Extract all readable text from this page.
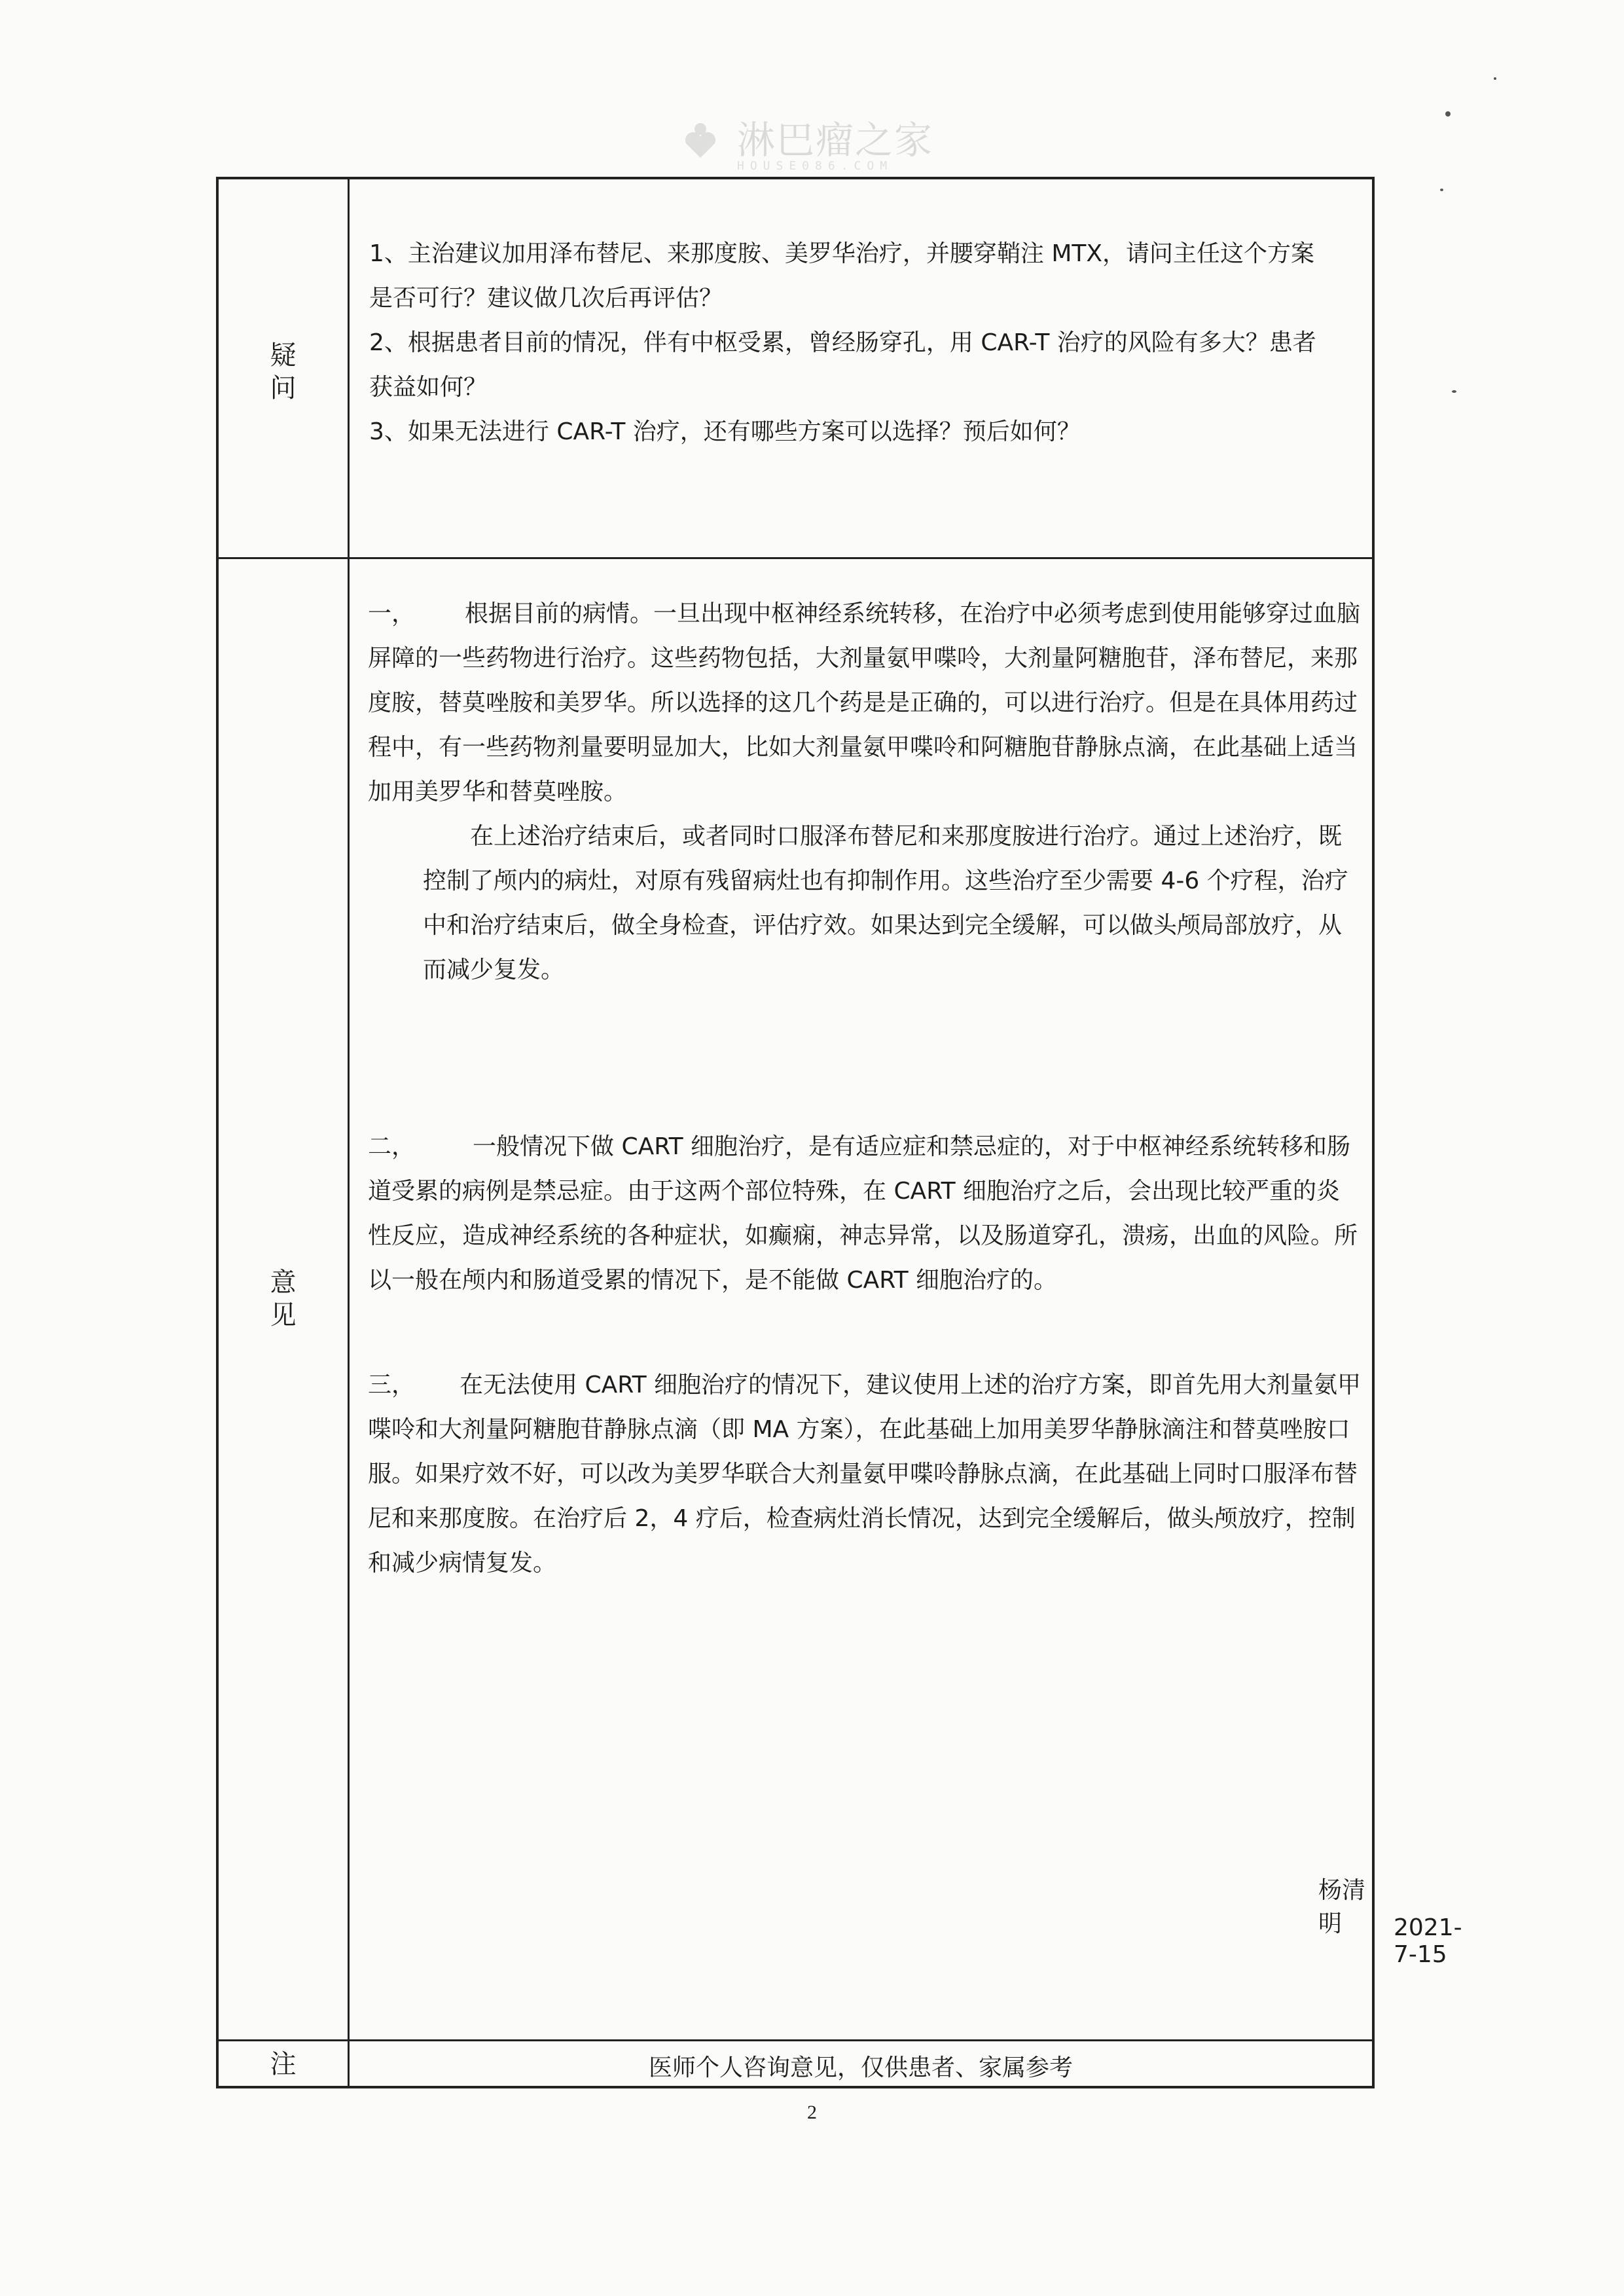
淋巴瘤之家
HOUSE086.COM
疑
问

1、主治建议加用泽布替尼、来那度胺、美罗华治疗，并腰穿鞘注 MTX，请问主任这个方案是否可行？建议做几次后再评估？

2、根据患者目前的情况，伴有中枢受累，曾经肠穿孔，用 CAR-T 治疗的风险有多大？患者获益如何？

3、如果无法进行 CAR-T 治疗，还有哪些方案可以选择？预后如何？

意
见

一， 根据目前的病情。一旦出现中枢神经系统转移，在治疗中必须考虑到使用能够穿过血脑屏障的一些药物进行治疗。这些药物包括，大剂量氨甲喋呤，大剂量阿糖胞苷，泽布替尼，来那度胺，替莫唑胺和美罗华。所以选择的这几个药是是正确的，可以进行治疗。但是在具体用药过程中，有一些药物剂量要明显加大，比如大剂量氨甲喋呤和阿糖胞苷静脉点滴，在此基础上适当加用美罗华和替莫唑胺。

在上述治疗结束后，或者同时口服泽布替尼和来那度胺进行治疗。通过上述治疗，既控制了颅内的病灶，对原有残留病灶也有抑制作用。这些治疗至少需要 4-6 个疗程，治疗中和治疗结束后，做全身检查，评估疗效。如果达到完全缓解，可以做头颅局部放疗，从而减少复发。

二， 一般情况下做 CART 细胞治疗，是有适应症和禁忌症的，对于中枢神经系统转移和肠道受累的病例是禁忌症。由于这两个部位特殊，在 CART 细胞治疗之后，会出现比较严重的炎性反应，造成神经系统的各种症状，如癫痫，神志异常，以及肠道穿孔，溃疡，出血的风险。所以一般在颅内和肠道受累的情况下，是不能做 CART 细胞治疗的。

三， 在无法使用 CART 细胞治疗的情况下，建议使用上述的治疗方案，即首先用大剂量氨甲喋呤和大剂量阿糖胞苷静脉点滴（即 MA 方案），在此基础上加用美罗华静脉滴注和替莫唑胺口服。如果疗效不好，可以改为美罗华联合大剂量氨甲喋呤静脉点滴，在此基础上同时口服泽布替尼和来那度胺。在治疗后 2，4 疗后，检查病灶消长情况，达到完全缓解后，做头颅放疗，控制和减少病情复发。

杨清明	2021-7-15
注	医师个人咨询意见，仅供患者、家属参考
2
